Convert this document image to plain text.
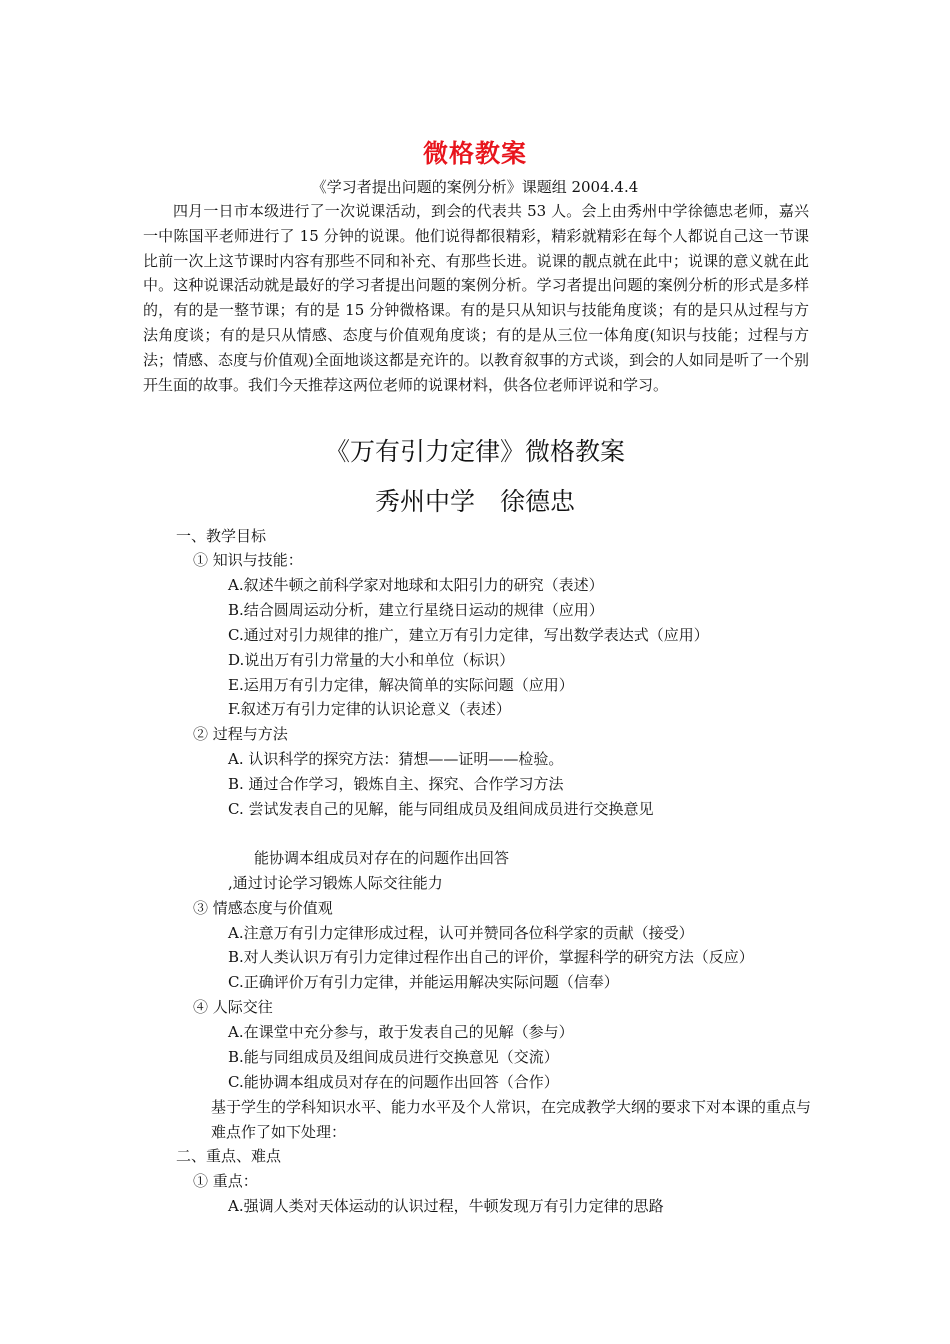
微格教案
《学习者提出问题的案例分析》课题组 2004.4.4

四月一日市本级进行了一次说课活动，到会的代表共 53 人。会上由秀州中学徐德忠老师，嘉兴一中陈国平老师进行了 15 分钟的说课。他们说得都很精彩，精彩就精彩在每个人都说自己这一节课比前一次上这节课时内容有那些不同和补充、有那些长进。说课的靓点就在此中；说课的意义就在此中。这种说课活动就是最好的学习者提出问题的案例分析。学习者提出问题的案例分析的形式是多样的，有的是一整节课；有的是 15 分钟微格课。有的是只从知识与技能角度谈；有的是只从过程与方法角度谈；有的是只从情感、态度与价值观角度谈；有的是从三位一体角度(知识与技能；过程与方法；情感、态度与价值观)全面地谈这都是充许的。以教育叙事的方式谈，到会的人如同是听了一个别开生面的故事。我们今天推荐这两位老师的说课材料，供各位老师评说和学习。

《万有引力定律》微格教案
秀州中学　徐德忠
一、教学目标
① 知识与技能：
A.叙述牛顿之前科学家对地球和太阳引力的研究（表述）
B.结合圆周运动分析，建立行星绕日运动的规律（应用）
C.通过对引力规律的推广，建立万有引力定律，写出数学表达式（应用）
D.说出万有引力常量的大小和单位（标识）
E.运用万有引力定律，解决简单的实际问题（应用）
F.叙述万有引力定律的认识论意义（表述）
② 过程与方法
A. 认识科学的探究方法：猜想——证明——检验。
B. 通过合作学习，锻炼自主、探究、合作学习方法
C. 尝试发表自己的见解，能与同组成员及组间成员进行交换意见
能协调本组成员对存在的问题作出回答
,通过讨论学习锻炼人际交往能力
③ 情感态度与价值观
A.注意万有引力定律形成过程，认可并赞同各位科学家的贡献（接受）
B.对人类认识万有引力定律过程作出自己的评价，掌握科学的研究方法（反应）
C.正确评价万有引力定律，并能运用解决实际问题（信奉）
④ 人际交往
A.在课堂中充分参与，敢于发表自己的见解（参与）
B.能与同组成员及组间成员进行交换意见（交流）
C.能协调本组成员对存在的问题作出回答（合作）

基于学生的学科知识水平、能力水平及个人常识，在完成教学大纲的要求下对本课的重点与难点作了如下处理：

二、重点、难点
① 重点：
A.强调人类对天体运动的认识过程，牛顿发现万有引力定律的思路
